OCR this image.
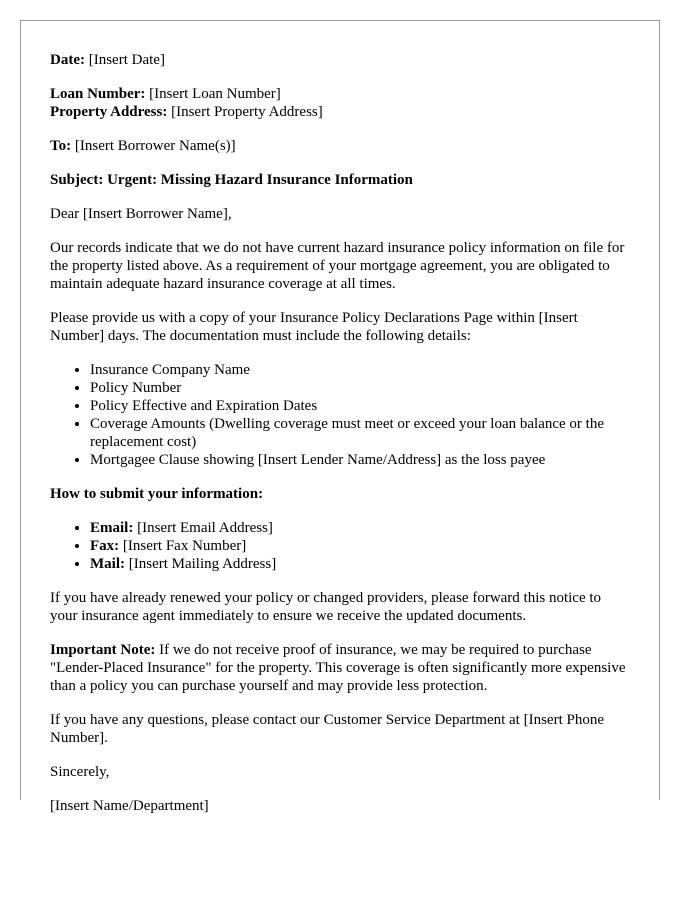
Date: [Insert Date]

Loan Number: [Insert Loan Number]

Property Address: [Insert Property Address]

To: [Insert Borrower Name(s)]

Subject: Urgent: Missing Hazard Insurance Information

Dear [Insert Borrower Name],

Our records indicate that we do not have current hazard insurance policy information on file for the property listed above. As a requirement of your mortgage agreement, you are obligated to maintain adequate hazard insurance coverage at all times.

Please provide us with a copy of your Insurance Policy Declarations Page within [Insert Number] days. The documentation must include the following details:

• Insurance Company Name
• Policy Number
• Policy Effective and Expiration Dates
• Coverage Amounts (Dwelling coverage must meet or exceed your loan balance or the replacement cost)
• Mortgagee Clause showing [Insert Lender Name/Address] as the loss payee

How to submit your information:

• Email: [Insert Email Address]
• Fax: [Insert Fax Number]
• Mail: [Insert Mailing Address]

If you have already renewed your policy or changed providers, please forward this notice to your insurance agent immediately to ensure we receive the updated documents.

Important Note: If we do not receive proof of insurance, we may be required to purchase "Lender-Placed Insurance" for the property. This coverage is often significantly more expensive than a policy you can purchase yourself and may provide less protection.

If you have any questions, please contact our Customer Service Department at [Insert Phone Number].

Sincerely,

[Insert Name/Department]
